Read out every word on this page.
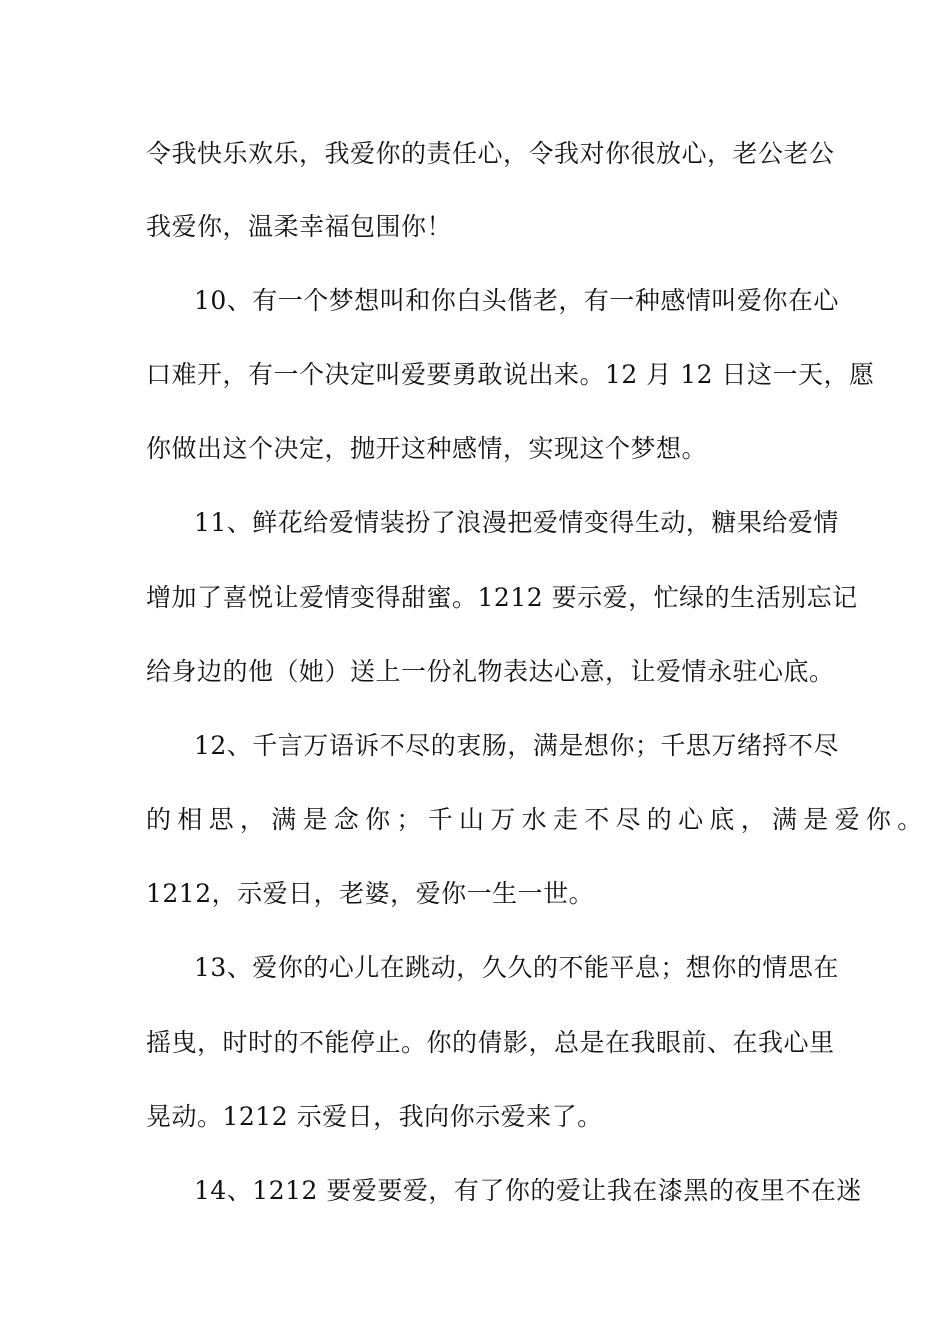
令我快乐欢乐，我爱你的责任心，令我对你很放心，老公老公
我爱你，温柔幸福包围你！
10、有一个梦想叫和你白头偕老，有一种感情叫爱你在心
口难开，有一个决定叫爱要勇敢说出来。12 月 12 日这一天，愿
你做出这个决定，抛开这种感情，实现这个梦想。
11、鲜花给爱情装扮了浪漫把爱情变得生动，糖果给爱情
增加了喜悦让爱情变得甜蜜。1212 要示爱，忙绿的生活别忘记
给身边的他（她）送上一份礼物表达心意，让爱情永驻心底。
12、千言万语诉不尽的衷肠，满是想你；千思万绪捋不尽
的相思，满是念你；千山万水走不尽的心底，满是爱你。
1212，示爱日，老婆，爱你一生一世。
13、爱你的心儿在跳动，久久的不能平息；想你的情思在
摇曳，时时的不能停止。你的倩影，总是在我眼前、在我心里
晃动。1212 示爱日，我向你示爱来了。
14、1212 要爱要爱，有了你的爱让我在漆黑的夜里不在迷
